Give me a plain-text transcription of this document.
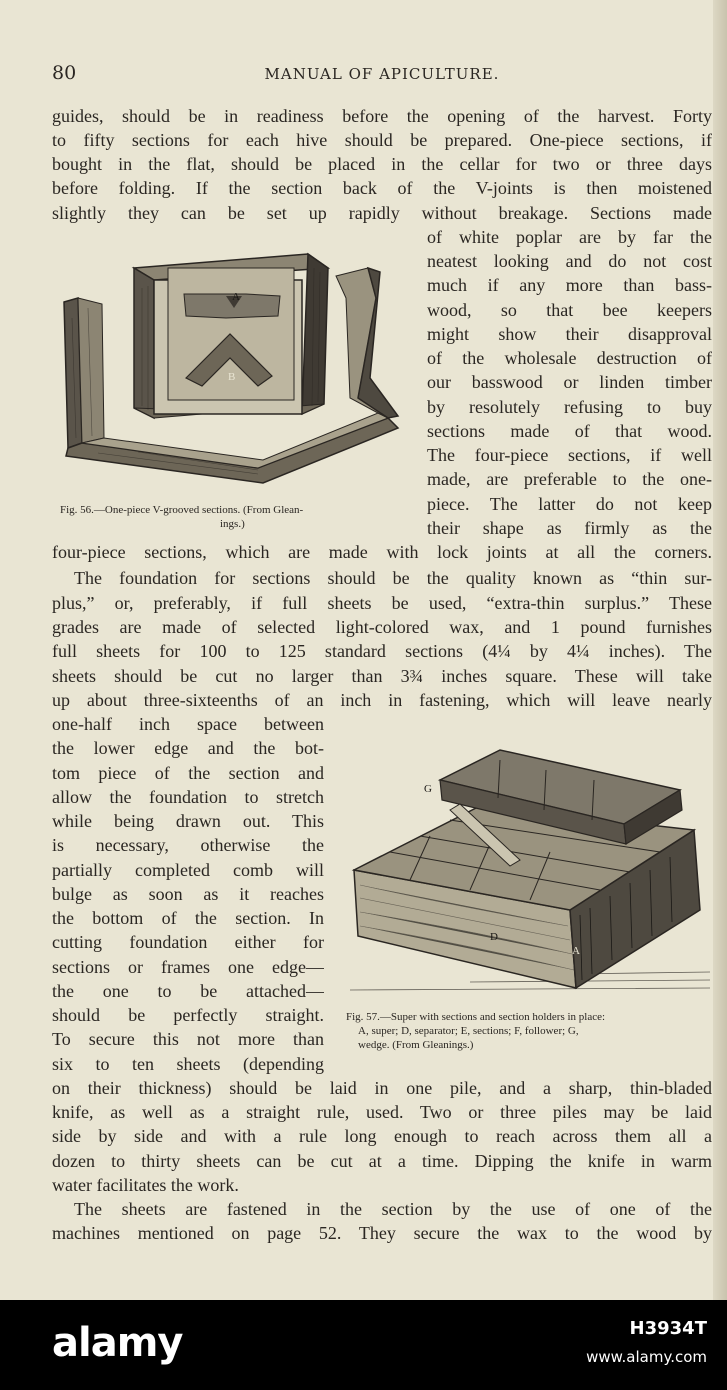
80	MANUAL OF APICULTURE.
guides, should be in readiness before the opening of the harvest. Forty
to fifty sections for each hive should be prepared. One-piece sections, if
bought in the flat, should be placed in the cellar for two or three days
before folding. If the section back of the V-joints is then moistened
slightly they can be set up rapidly without breakage. Sections made
of white poplar are by far the
neatest looking and do not cost
much if any more than bass-
wood, so that bee keepers
might show their disapproval
of the wholesale destruction of
our basswood or linden timber
by resolutely refusing to buy
sections made of that wood.
The four-piece sections, if well
made, are preferable to the one-
piece. The latter do not keep
their shape as firmly as the
four-piece sections, which are made with lock joints at all the corners.
A
B
Fig. 56.—One-piece V-grooved sections. (From Glean-
ings.)
The foundation for sections should be the quality known as “thin sur-
plus,” or, preferably, if full sheets be used, “extra-thin surplus.” These
grades are made of selected light-colored wax, and 1 pound furnishes
full sheets for 100 to 125 standard sections (4¼ by 4¼ inches). The
sheets should be cut no larger than 3¾ inches square. These will take
up about three-sixteenths of an inch in fastening, which will leave nearly
one-half inch space between
the lower edge and the bot-
tom piece of the section and
allow the foundation to stretch
while being drawn out. This
is necessary, otherwise the
partially completed comb will
bulge as soon as it reaches
the bottom of the section. In
cutting foundation either for
sections or frames one edge—
the one to be attached—
should be perfectly straight.
To secure this not more than
six to ten sheets (depending
on their thickness) should be laid in one pile, and a sharp, thin-bladed
knife, as well as a straight rule, used. Two or three piles may be laid
side by side and with a rule long enough to reach across them all a
dozen to thirty sheets can be cut at a time. Dipping the knife in warm
water facilitates the work.
G
D
A
Fig. 57.—Super with sections and section holders in place:
A, super; D, separator; E, sections; F, follower; G,
wedge. (From Gleanings.)
The sheets are fastened in the section by the use of one of the
machines mentioned on page 52. They secure the wax to the wood by
alamy	H3934T
www.alamy.com
